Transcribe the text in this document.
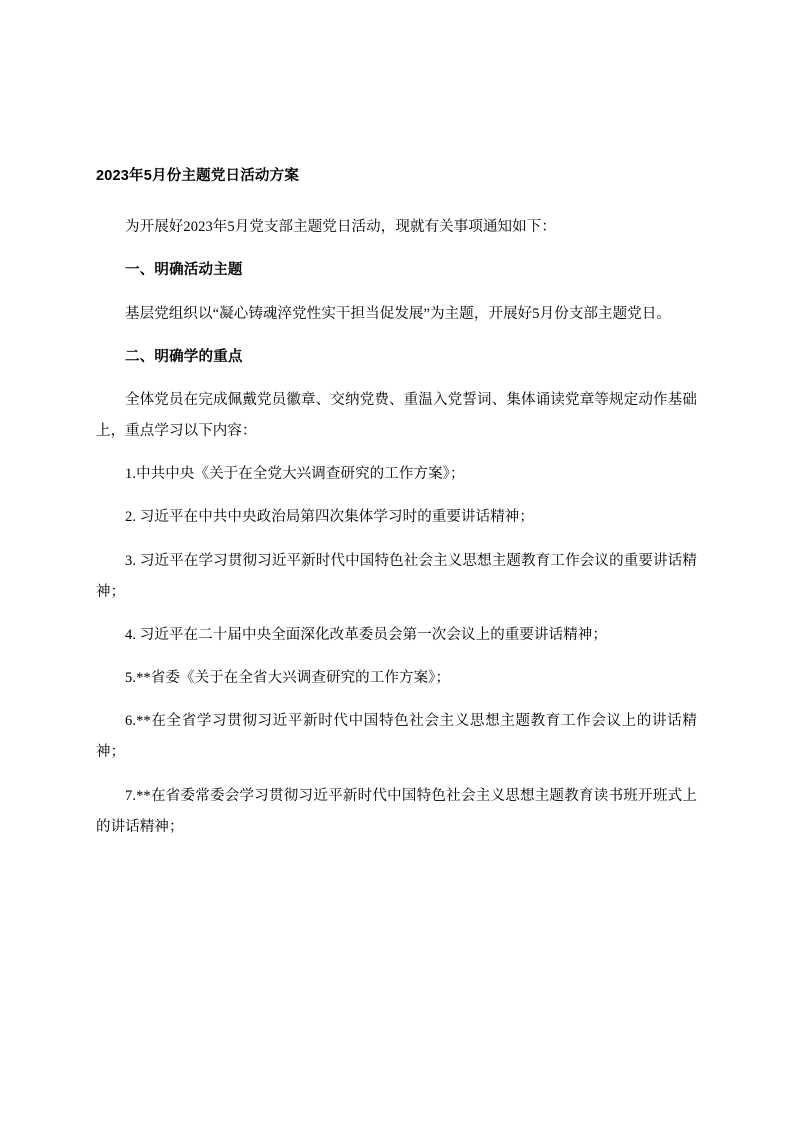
2023年5月份主题党日活动方案

为开展好2023年5月党支部主题党日活动，现就有关事项通知如下：

一、明确活动主题

基层党组织以“凝心铸魂淬党性实干担当促发展”为主题，开展好5月份支部主题党日。

二、明确学的重点

全体党员在完成佩戴党员徽章、交纳党费、重温入党誓词、集体诵读党章等规定动作基础上，重点学习以下内容：

1.中共中央《关于在全党大兴调查研究的工作方案》；

2. 习近平在中共中央政治局第四次集体学习时的重要讲话精神；

3. 习近平在学习贯彻习近平新时代中国特色社会主义思想主题教育工作会议的重要讲话精神；

4. 习近平在二十届中央全面深化改革委员会第一次会议上的重要讲话精神；

5.**省委《关于在全省大兴调查研究的工作方案》；

6.**在全省学习贯彻习近平新时代中国特色社会主义思想主题教育工作会议上的讲话精神；

7.**在省委常委会学习贯彻习近平新时代中国特色社会主义思想主题教育读书班开班式上的讲话精神；
